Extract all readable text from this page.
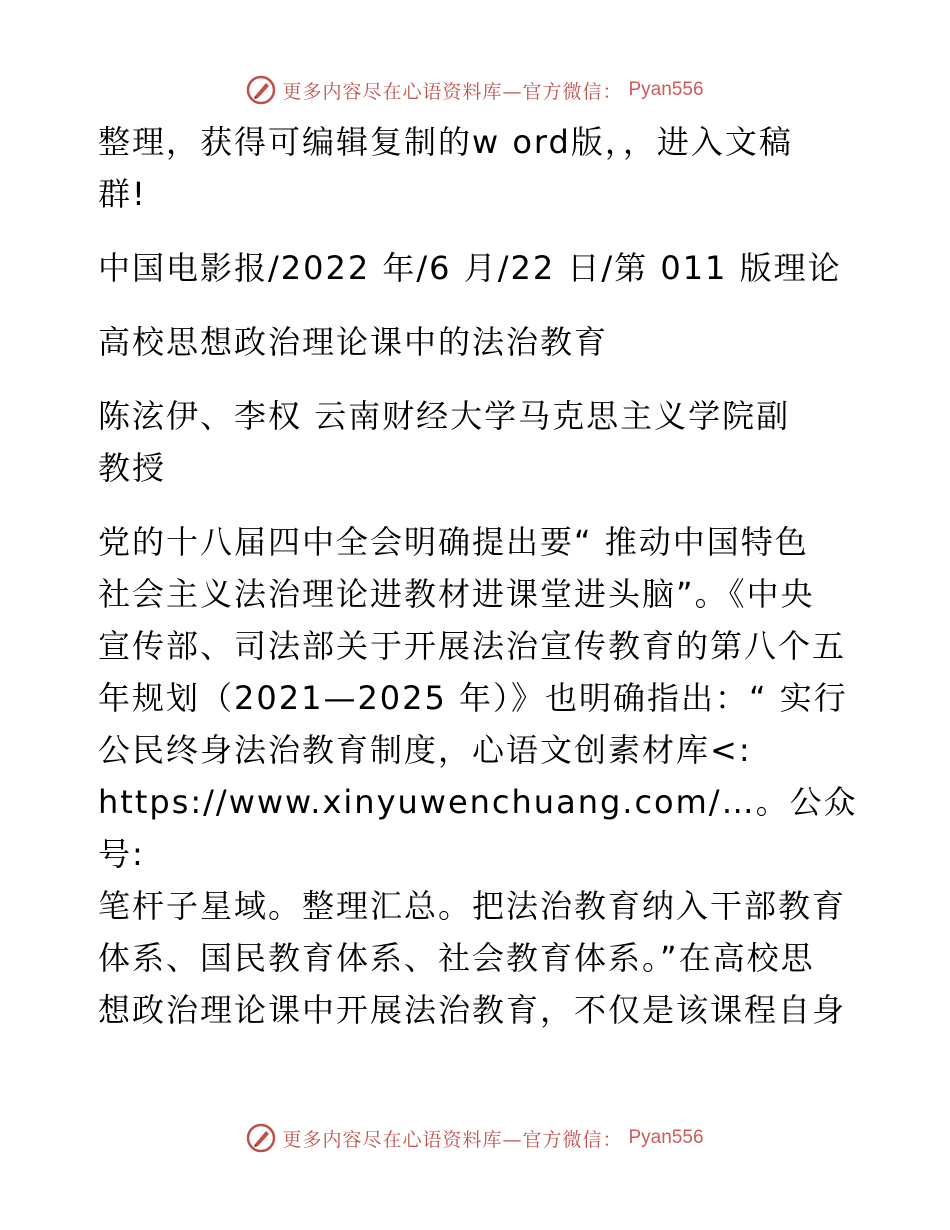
更多内容尽在心语资料库—官方微信： Pyan556

整理，获得可编辑复制的w ord版，，进入文稿

群!

中国电影报/2022 年/6 月/22 日/第 011 版理论

高校思想政治理论课中的法治教育

陈泫伊、李权 云南财经大学马克思主义学院副

教授

党的十八届四中全会明确提出要“ 推动中国特色

社会主义法治理论进教材进课堂进头脑”。《中央

宣传部、司法部关于开展法治宣传教育的第八个五

年规划（2021—2025 年）》也明确指出：“ 实行

公民终身法治教育制度，心语文创素材库<:

https://www.xinyuwenchuang.com/…。公众号:

笔杆子星域。整理汇总。把法治教育纳入干部教育

体系、国民教育体系、社会教育体系。”在高校思

想政治理论课中开展法治教育，不仅是该课程自身

更多内容尽在心语资料库—官方微信： Pyan556
